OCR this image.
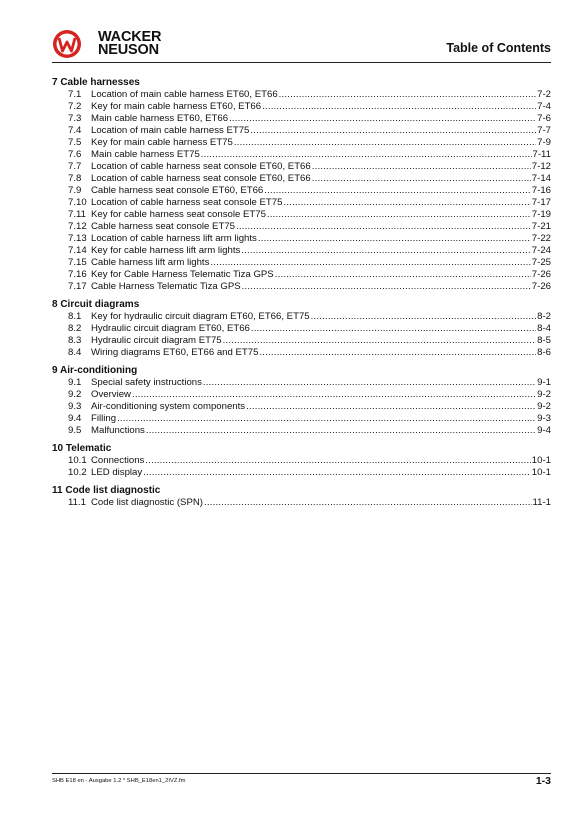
WACKER
NEUSON	Table of Contents
7 Cable harnesses
7.1	Location of main cable harness ET60, ET66 .....	7-2
7.2	Key for main cable harness ET60, ET66 .....	7-4
7.3	Main cable harness ET60, ET66 .....	7-6
7.4	Location of main cable harness ET75 .....	7-7
7.5	Key for main cable harness ET75 .....	7-9
7.6	Main cable harness ET75 .....	7-11
7.7	Location of cable harness seat console ET60, ET66 .....	7-12
7.8	Location of cable harness seat console ET60, ET66 .....	7-14
7.9	Cable harness seat console ET60, ET66 .....	7-16
7.10 Location of cable harness seat console ET75 .....	7-17
7.11 Key for cable harness seat console ET75 .....	7-19
7.12 Cable harness seat console ET75 .....	7-21
7.13 Location of cable harness lift arm lights .....	7-22
7.14 Key for cable harness lift arm lights .....	7-24
7.15 Cable harness lift arm lights .....	7-25
7.16 Key for Cable Harness Telematic Tiza GPS .....	7-26
7.17 Cable Harness Telematic Tiza GPS .....	7-26
8 Circuit diagrams
8.1	Key for hydraulic circuit diagram ET60, ET66, ET75 .....	8-2
8.2	Hydraulic circuit diagram ET60, ET66 .....	8-4
8.3	Hydraulic circuit diagram ET75 .....	8-5
8.4	Wiring diagrams ET60, ET66 and ET75 .....	8-6
9 Air-conditioning
9.1	Special safety instructions .....	9-1
9.2	Overview .....	9-2
9.3	Air-conditioning system components .....	9-2
9.4	Filling .....	9-3
9.5	Malfunctions .....	9-4
10 Telematic
10.1 Connections .....	10-1
10.2 LED display .....	10-1
11 Code list diagnostic
11.1 Code list diagnostic (SPN) .....	11-1
SHB E18 en - Ausgabe 1.2 * SHB_E18en1_2IVZ.fm	1-3
